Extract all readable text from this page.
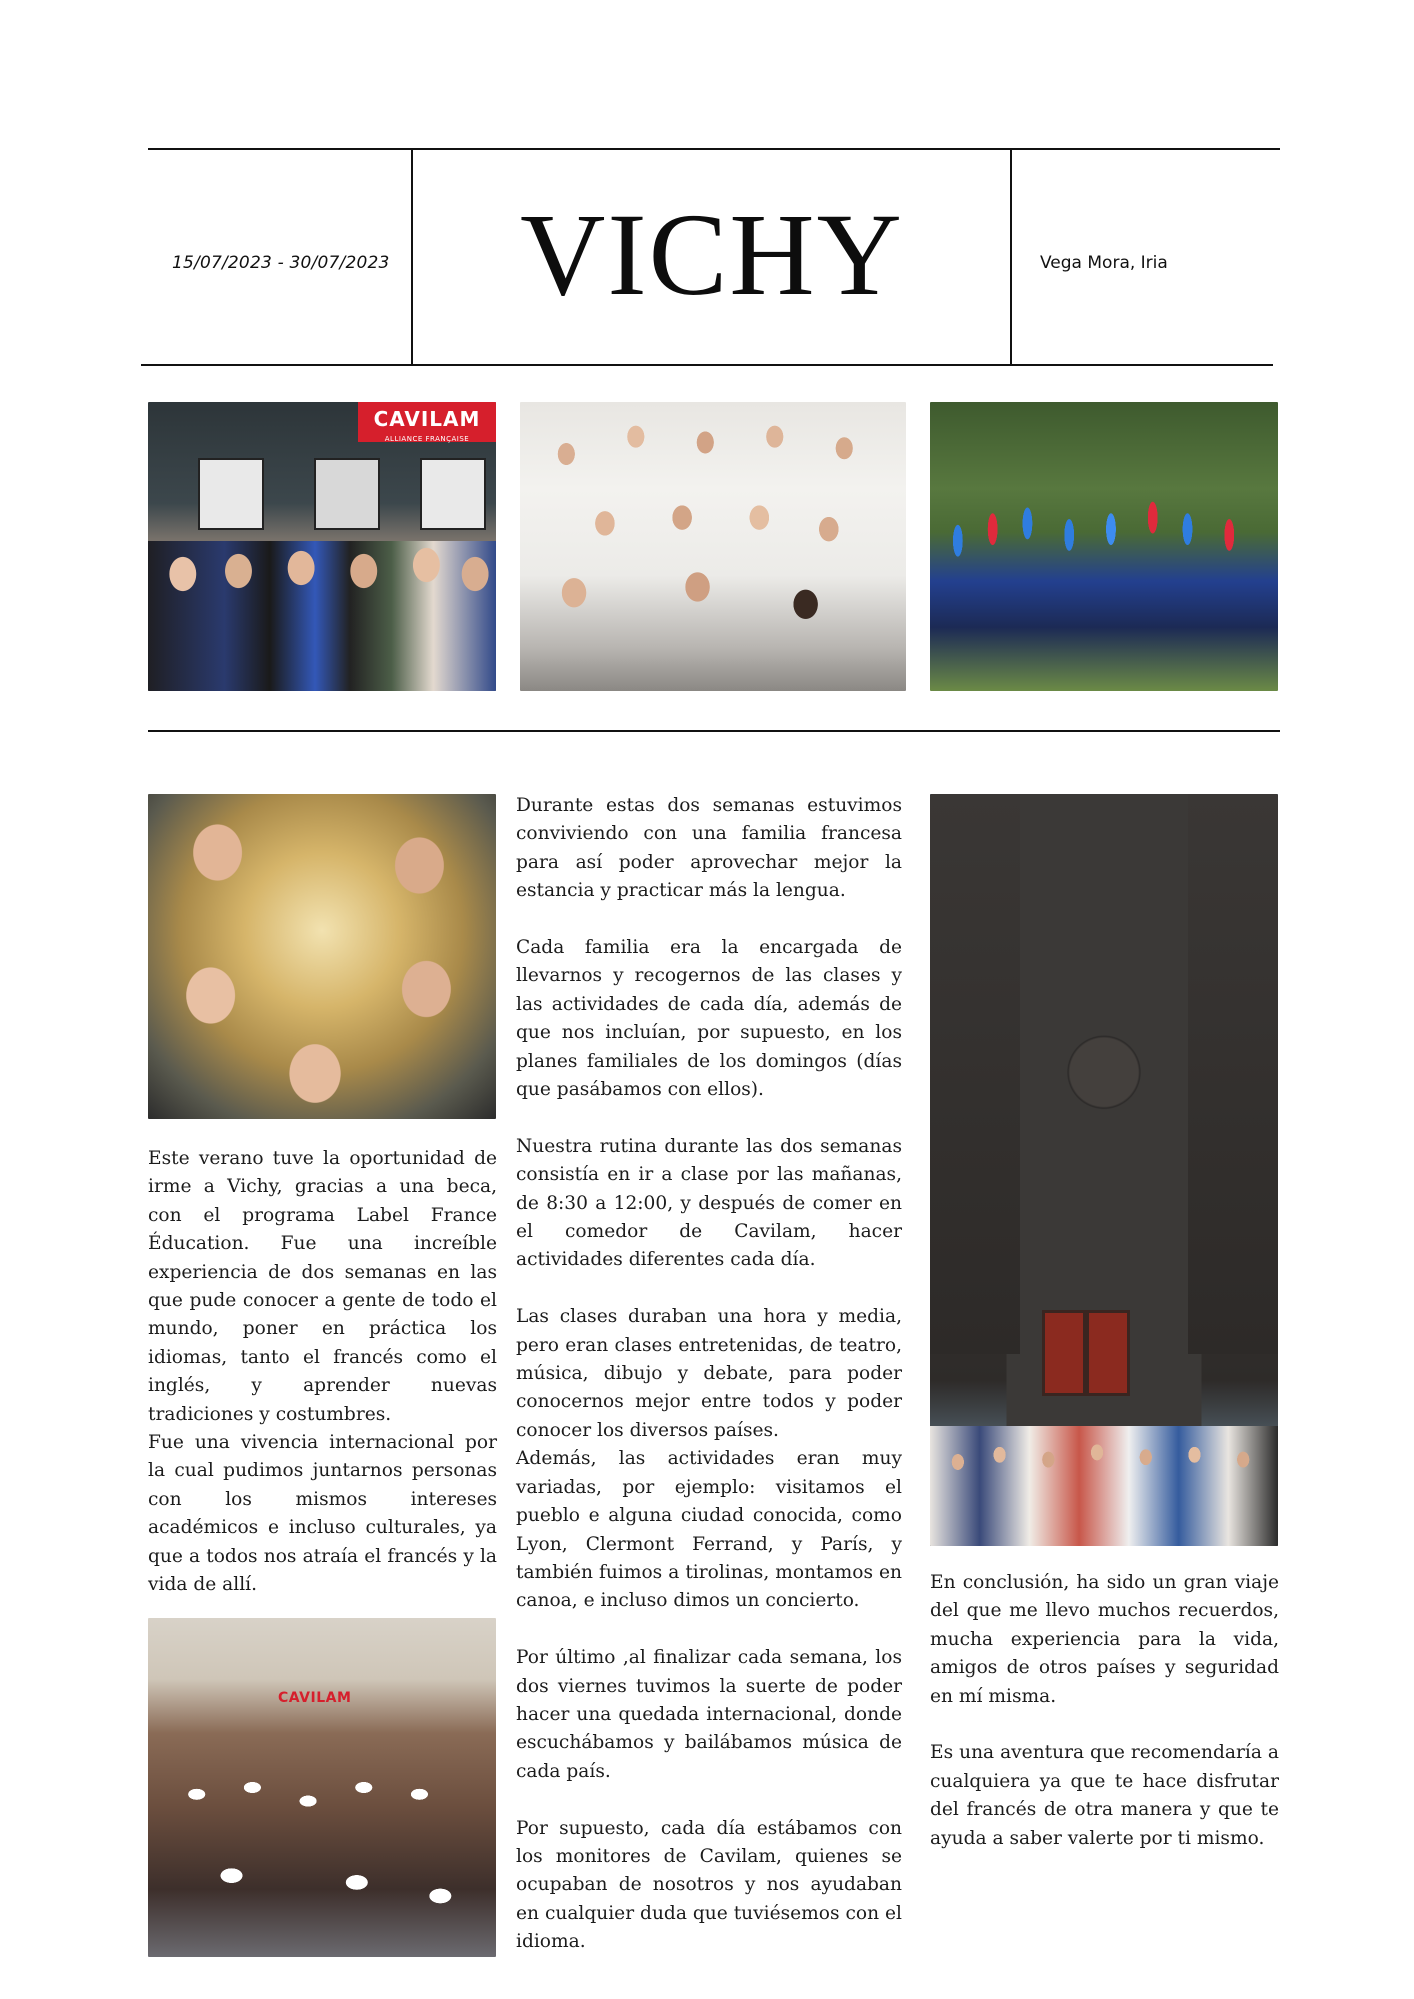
15/07/2023 - 30/07/2023	VICHY	Vega Mora, Iria
CAVILAM
ALLIANCE FRANÇAISE

Este verano tuve la oportunidad de irme a Vichy, gracias a una beca, con el programa Label France Éducation. Fue una increíble experiencia de dos semanas en las que pude conocer a gente de todo el mundo, poner en práctica los idiomas, tanto el francés como el inglés, y aprender nuevas tradiciones y costumbres.

Fue una vivencia internacional por la cual pudimos juntarnos personas con los mismos intereses académicos e incluso culturales, ya que a todos nos atraía el francés y la vida de allí.

CAVILAM

Durante estas dos semanas estuvimos conviviendo con una familia francesa para así poder aprovechar mejor la estancia y practicar más la lengua.

Cada familia era la encargada de llevarnos y recogernos de las clases y las actividades de cada día, además de que nos incluían, por supuesto, en los planes familiales de los domingos (días que pasábamos con ellos).

Nuestra rutina durante las dos semanas consistía en ir a clase por las mañanas, de 8:30 a 12:00, y después de comer en el comedor de Cavilam, hacer actividades diferentes cada día.

Las clases duraban una hora y media, pero eran clases entretenidas, de teatro, música, dibujo y debate, para poder conocernos mejor entre todos y poder conocer los diversos países.

Además, las actividades eran muy variadas, por ejemplo: visitamos el pueblo e alguna ciudad conocida, como Lyon, Clermont Ferrand, y París, y también fuimos a tirolinas, montamos en canoa, e incluso dimos un concierto.

Por último ,al finalizar cada semana, los dos viernes tuvimos la suerte de poder hacer una quedada internacional, donde escuchábamos y bailábamos música de cada país.

Por supuesto, cada día estábamos con los monitores de Cavilam, quienes se ocupaban de nosotros y nos ayudaban en cualquier duda que tuviésemos con el idioma.

En conclusión, ha sido un gran viaje del que me llevo muchos recuerdos, mucha experiencia para la vida, amigos de otros países y seguridad en mí misma.

Es una aventura que recomendaría a cualquiera ya que te hace disfrutar del francés de otra manera y que te ayuda a saber valerte por ti mismo.
